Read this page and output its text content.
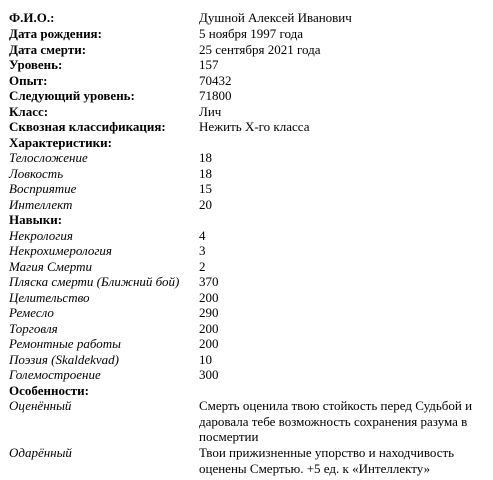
Ф.И.О.:	Душной Алексей Иванович
Дата рождения:	5 ноября 1997 года
Дата смерти:	25 сентября 2021 года
Уровень:	157
Опыт:	70432
Следующий уровень:	71800
Класс:	Лич
Сквозная классификация:	Нежить X-го класса
Характеристики:
Телосложение	18
Ловкость	18
Восприятие	15
Интеллект	20
Навыки:
Некрология	4
Некрохимерология	3
Магия Смерти	2
Пляска смерти (Ближний бой) 370
Целительство	200
Ремесло	290
Торговля	200
Ремонтные работы	200
Поэзия (Skaldekvad)	10
Големостроение	300
Особенности:
Оценённый	Смерть оценила твою стойкость перед Судьбой и даровала тебе возможность сохранения разума в посмертии
Одарённый	Твои прижизненные упорство и находчивость оценены Смертью. +5 ед. к «Интеллекту»
